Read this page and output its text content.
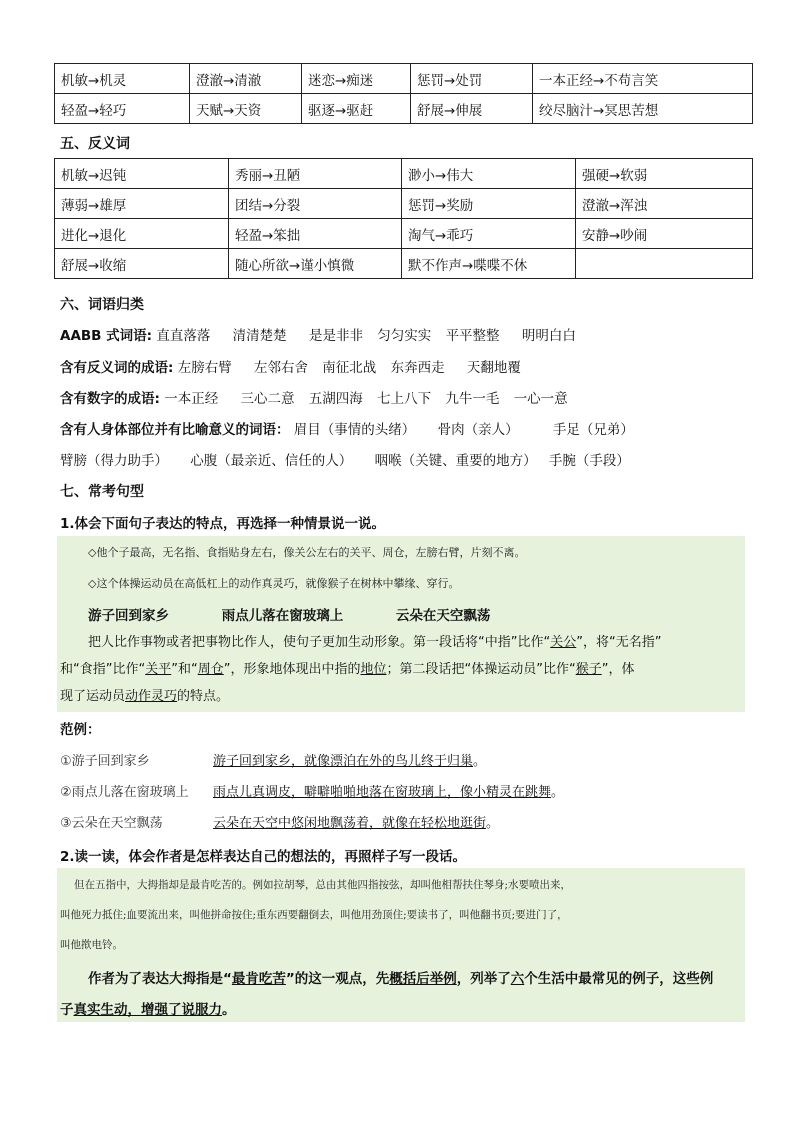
机敏→机灵	澄澈→清澈	迷恋→痴迷	惩罚→处罚	一本正经→不苟言笑
轻盈→轻巧	天赋→天资	驱逐→驱赶	舒展→伸展	绞尽脑汁→冥思苦想
五、反义词
机敏→迟钝	秀丽→丑陋	渺小→伟大	强硬→软弱
薄弱→雄厚	团结→分裂	惩罚→奖励	澄澈→浑浊
进化→退化	轻盈→笨拙	淘气→乖巧	安静→吵闹
舒展→收缩	随心所欲→谨小慎微	默不作声→喋喋不休	
六、词语归类
AABB 式词语: 直直落落 清清楚楚 是是非非 匀匀实实 平平整整 明明白白
含有反义词的成语: 左膀右臂 左邻右舍 南征北战 东奔西走 天翻地覆
含有数字的成语: 一本正经 三心二意 五湖四海 七上八下 九牛一毛 一心一意
含有人身体部位并有比喻意义的词语： 眉目（事情的头绪） 骨肉（亲人）	手足（兄弟）
臂膀（得力助手） 心腹（最亲近、信任的人） 咽喉（关键、重要的地方） 手腕（手段）
七、常考句型
1.体会下面句子表达的特点，再选择一种情景说一说。
◇他个子最高，无名指、食指贴身左右，像关公左右的关平、周仓，左膀右臂，片刻不离。
◇这个体操运动员在高低杠上的动作真灵巧，就像猴子在树林中攀缘、穿行。
游子回到家乡	雨点儿落在窗玻璃上	云朵在天空飘荡
把人比作事物或者把事物比作人，使句子更加生动形象。第一段话将“中指”比作“关公”，将“无名指”
和“食指”比作“关平”和“周仓”，形象地体现出中指的地位；第二段话把“体操运动员”比作“猴子”，体
现了运动员动作灵巧的特点。
范例：
①游子回到家乡	游子回到家乡，就像漂泊在外的鸟儿终于归巢。
②雨点儿落在窗玻璃上 雨点儿真调皮，噼噼啪啪地落在窗玻璃上，像小精灵在跳舞。
③云朵在天空飘荡	云朵在天空中悠闲地飘荡着，就像在轻松地逛街。
2.读一读，体会作者是怎样表达自己的想法的，再照样子写一段话。
但在五指中，大拇指却是最肯吃苦的。例如拉胡琴，总由其他四指按弦，却叫他相帮扶住琴身;水要喷出来，
叫他死力抵住;血要流出来，叫他拼命按住;重东西要翻倒去，叫他用劲顶住;要读书了，叫他翻书页;要进门了，
叫他揿电铃。
作者为了表达大拇指是“最肯吃苦”的这一观点，先概括后举例，列举了六个生活中最常见的例子，这些例
子真实生动，增强了说服力。
